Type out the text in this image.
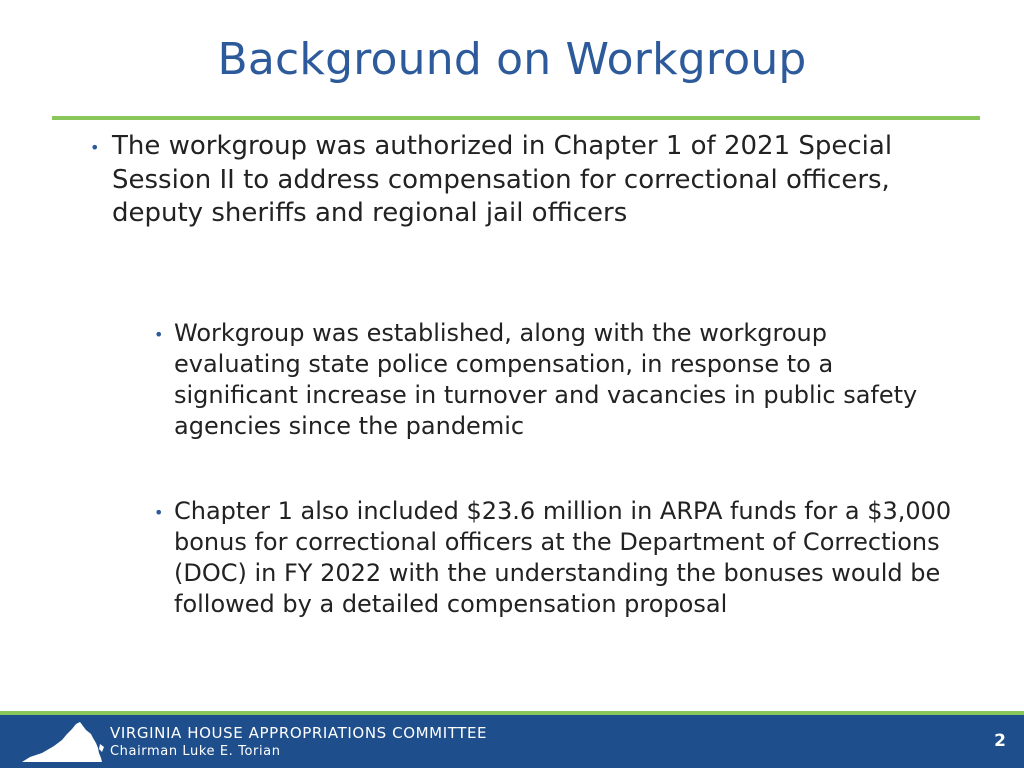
Background on Workgroup
• The workgroup was authorized in Chapter 1 of 2021 Special Session II to address compensation for correctional officers, deputy sheriffs and regional jail officers
• Workgroup was established, along with the workgroup evaluating state police compensation, in response to a significant increase in turnover and vacancies in public safety agencies since the pandemic
• Chapter 1 also included $23.6 million in ARPA funds for a $3,000 bonus for correctional officers at the Department of Corrections (DOC) in FY 2022 with the understanding the bonuses would be followed by a detailed compensation proposal
VIRGINIA HOUSE APPROPRIATIONS COMMITTEE
Chairman Luke E. Torian
2
